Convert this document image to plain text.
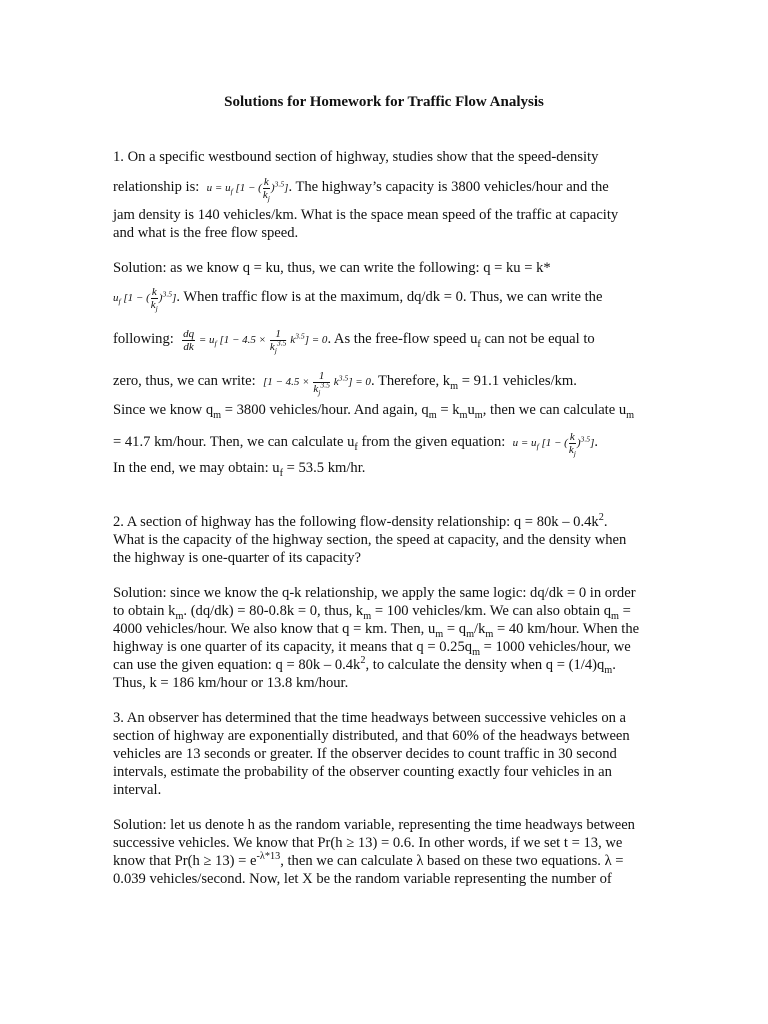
Solutions for Homework for Traffic Flow Analysis
1. On a specific westbound section of highway, studies show that the speed-density
relationship is: $u = u_f$ [1 − ( $\frac{k}{k_j} )^{3.5}$]. The highway’s capacity is 3800 vehicles/hour and the
jam density is 140 vehicles/km. What is the space mean speed of the traffic at capacity
and what is the free flow speed.
Solution: as we know q = ku, thus, we can write the following: q = ku = k*
$u_f$ [1 − ( $\frac{k}{k_j} )^{3.5}$]. When traffic flow is at the maximum, dq/dk = 0. Thus, we can write the
following: $\frac{dq}{dk} = u_f$ $[1 - 4.5 \times \frac{1}{k_j^{3.5}} k^{3.5}] = 0$. As the free-flow speed $u_f$ can not be equal to
zero, thus, we can write: $[1 - 4.5 \times \frac{1}{k_j^{3.5}} k^{3.5}] = 0$. Therefore, $k_m = 91.1$ vehicles/km.
Since we know $q_m = 3800$ vehicles/hour. And again, $q_m = k_mu_m$, then we can calculate $u_m$
= 41.7 km/hour. Then, we can calculate $u_f$ from the given equation: $u = u_f$ [1 − ( $\frac{k}{k_j} )^{3.5}$].
In the end, we may obtain: $u_f = 53.5$ km/hr.
2. A section of highway has the following flow-density relationship: $q = 80k - 0.4k^2$.
What is the capacity of the highway section, the speed at capacity, and the density when
the highway is one-quarter of its capacity?
Solution: since we know the q-k relationship, we apply the same logic: dq/dk = 0 in order
to obtain $k_m$. (dq/dk) = 80-0.8k = 0, thus, $k_m = 100$ vehicles/km. We can also obtain $q_m$ =
4000 vehicles/hour. We also know that q = km. Then, $u_m = q_m/k_m = 40$ km/hour. When the
highway is one quarter of its capacity, it means that $q = 0.25q_m = 1000$ vehicles/hour, we
can use the given equation: $q = 80k - 0.4k^2$, to calculate the density when $q = (1/4)q_m$.
Thus, k = 186 km/hour or 13.8 km/hour.
3. An observer has determined that the time headways between successive vehicles on a
section of highway are exponentially distributed, and that 60% of the headways between
vehicles are 13 seconds or greater. If the observer decides to count traffic in 30 second
intervals, estimate the probability of the observer counting exactly four vehicles in an
interval.
Solution: let us denote h as the random variable, representing the time headways between
successive vehicles. We know that Pr(h ≥ 13) = 0.6. In other words, if we set t = 13, we
know that $Pr(h \ge 13) = e^{-\lambda*13}$, then we can calculate λ based on these two equations. λ =
0.039 vehicles/second. Now, let X be the random variable representing the number of
